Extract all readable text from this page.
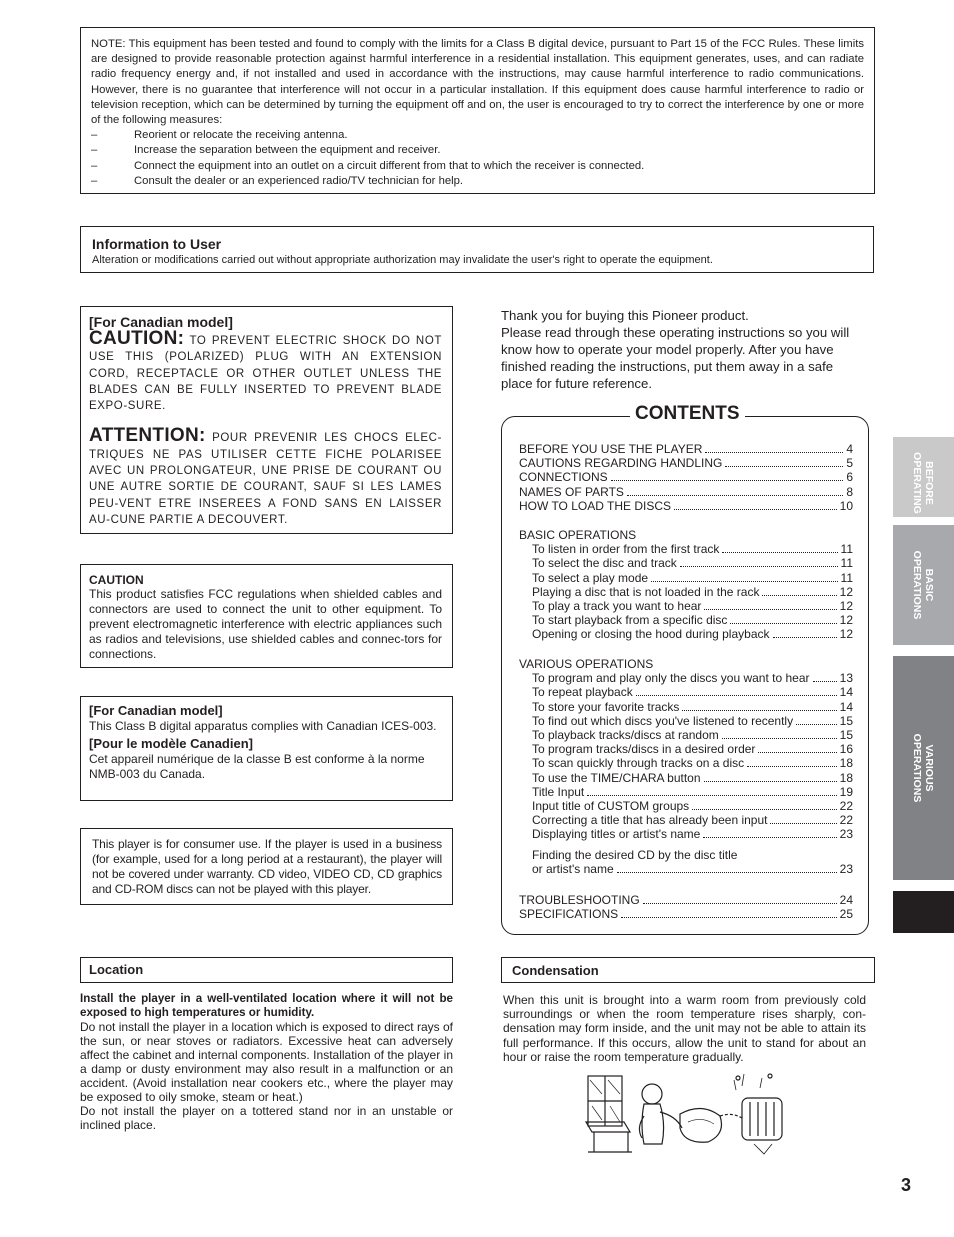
NOTE: This equipment has been tested and found to comply with the limits for a Class B digital device, pursuant to Part 15 of the FCC Rules. These limits are designed to provide reasonable protection against harmful interference in a residential installation. This equipment generates, uses, and can radiate radio frequency energy and, if not installed and used in accordance with the instructions, may cause harmful interference to radio communications. However, there is no guarantee that interference will not occur in a particular installation. If this equipment does cause harmful interference to radio or television reception, which can be determined by turning the equipment off and on, the user is encouraged to try to correct the interference by one or more of the following measures:
–	Reorient or relocate the receiving antenna.
–	Increase the separation between the equipment and receiver.
–	Connect the equipment into an outlet on a circuit different from that to which the receiver is connected.
–	Consult the dealer or an experienced radio/TV technician for help.
Information to User
Alteration or modifications carried out without appropriate authorization may invalidate the user's right to operate the equipment.
[For Canadian model]
CAUTION: TO PREVENT ELECTRIC SHOCK DO NOT USE THIS (POLARIZED) PLUG WITH AN EXTENSION CORD, RECEPTACLE OR OTHER OUTLET UNLESS THE BLADES CAN BE FULLY INSERTED TO PREVENT BLADE EXPO-SURE.
ATTENTION: POUR PREVENIR LES CHOCS ELEC-TRIQUES NE PAS UTILISER CETTE FICHE POLARISEE AVEC UN PROLONGATEUR, UNE PRISE DE COURANT OU UNE AUTRE SORTIE DE COURANT, SAUF SI LES LAMES PEU-VENT ETRE INSEREES A FOND SANS EN LAISSER AU-CUNE PARTIE A DECOUVERT.
CAUTION
This product satisfies FCC regulations when shielded cables and connectors are used to connect the unit to other equipment. To prevent electromagnetic interference with electric appliances such as radios and televisions, use shielded cables and connec-tors for connections.
[For Canadian model]
This Class B digital apparatus complies with Canadian ICES-003.
[Pour le modèle Canadien]
Cet appareil numérique de la classe B est conforme à la norme NMB-003 du Canada.
This player is for consumer use. If the player is used in a business (for example, used for a long period at a restaurant), the player will not be covered under warranty. CD video, VIDEO CD, CD graphics and CD-ROM discs can not be played with this player.
Location
Install the player in a well-ventilated location where it will not be exposed to high temperatures or humidity.
Do not install the player in a location which is exposed to direct rays of the sun, or near stoves or radiators. Excessive heat can adversely affect the cabinet and internal components. Installation of the player in a damp or dusty environment may also result in a malfunction or an accident. (Avoid installation near cookers etc., where the player may be exposed to oily smoke, steam or heat.)
Do not install the player on a tottered stand nor in an unstable or inclined place.
Thank you for buying this Pioneer product.
Please read through these operating instructions so you will know how to operate your model properly. After you have finished reading the instructions, put them away in a safe place for future reference.
CONTENTS
BEFORE YOU USE THE PLAYER	4
CAUTIONS REGARDING HANDLING	5
CONNECTIONS	6
NAMES OF PARTS	8
HOW TO LOAD THE DISCS	10
BASIC OPERATIONS
To listen in order from the first track	11
To select the disc and track	11
To select a play mode	11
Playing a disc that is not loaded in the rack	12
To play a track you want to hear	12
To start playback from a specific disc	12
Opening or closing the hood during playback	12
VARIOUS OPERATIONS
To program and play only the discs you want to hear	13
To repeat playback	14
To store your favorite tracks	14
To find out which discs you've listened to recently	15
To playback tracks/discs at random	15
To program tracks/discs in a desired order	16
To scan quickly through tracks on a disc	18
To use the TIME/CHARA button	18
Title Input	19
Input title of CUSTOM groups	22
Correcting a title that has already been input	22
Displaying titles or artist's name	23
Finding the desired CD by the disc title
or artist's name	23
TROUBLESHOOTING	24
SPECIFICATIONS	25
Condensation
When this unit is brought into a warm room from previously cold surroundings or when the room temperature rises sharply, con-densation may form inside, and the unit may not be able to attain its full performance. If this occurs, allow the unit to stand for about an hour or raise the room temperature gradually.
BEFORE
OPERATING
BASIC
OPERATIONS
VARIOUS
OPERATIONS
3
